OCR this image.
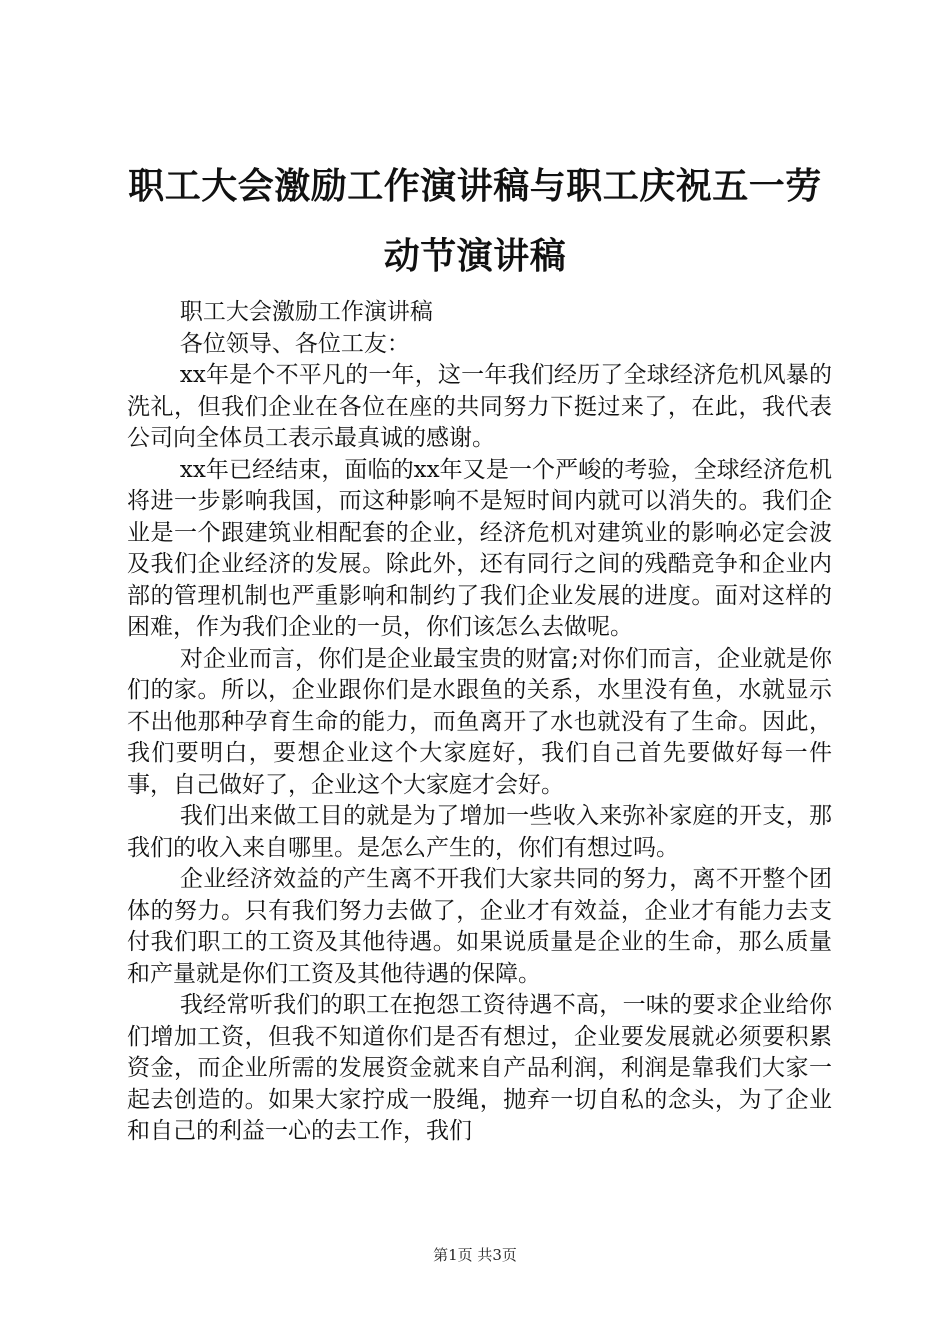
职工大会激励工作演讲稿与职工庆祝五一劳动节演讲稿

职工大会激励工作演讲稿

各位领导、各位工友：

xx年是个不平凡的一年，这一年我们经历了全球经济危机风暴的洗礼，但我们企业在各位在座的共同努力下挺过来了，在此，我代表公司向全体员工表示最真诚的感谢。

xx年已经结束，面临的xx年又是一个严峻的考验，全球经济危机将进一步影响我国，而这种影响不是短时间内就可以消失的。我们企业是一个跟建筑业相配套的企业，经济危机对建筑业的影响必定会波及我们企业经济的发展。除此外，还有同行之间的残酷竞争和企业内部的管理机制也严重影响和制约了我们企业发展的进度。面对这样的困难，作为我们企业的一员，你们该怎么去做呢。

对企业而言，你们是企业最宝贵的财富;对你们而言，企业就是你们的家。所以，企业跟你们是水跟鱼的关系，水里没有鱼，水就显示不出他那种孕育生命的能力，而鱼离开了水也就没有了生命。因此，我们要明白，要想企业这个大家庭好，我们自己首先要做好每一件事，自己做好了，企业这个大家庭才会好。

我们出来做工目的就是为了增加一些收入来弥补家庭的开支，那我们的收入来自哪里。是怎么产生的，你们有想过吗。

企业经济效益的产生离不开我们大家共同的努力，离不开整个团体的努力。只有我们努力去做了，企业才有效益，企业才有能力去支付我们职工的工资及其他待遇。如果说质量是企业的生命，那么质量和产量就是你们工资及其他待遇的保障。

我经常听我们的职工在抱怨工资待遇不高，一味的要求企业给你们增加工资，但我不知道你们是否有想过，企业要发展就必须要积累资金，而企业所需的发展资金就来自产品利润，利润是靠我们大家一起去创造的。如果大家拧成一股绳，抛弃一切自私的念头，为了企业和自己的利益一心的去工作，我们

第1页 共3页
